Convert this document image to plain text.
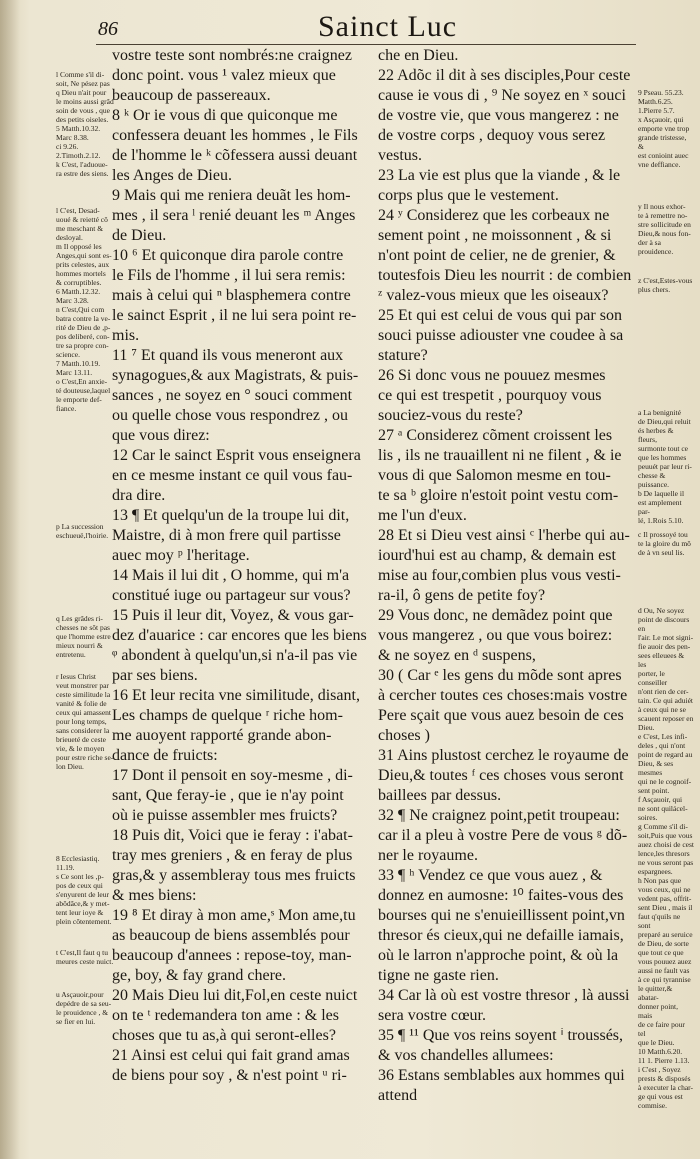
86	Sainct Luc
vostre teste sont nombrés:ne craignez
donc point. vous ¹ valez mieux que
beaucoup de passereaux.
8 ᵏ Or ie vous di que quiconque me
confessera deuant les hommes , le Fils
de l'homme le ᵏ cõfessera aussi deuant
les Anges de Dieu.
9 Mais qui me reniera deuãt les hom-
mes , il sera ˡ renié deuant les ᵐ Anges
de Dieu.
10 ⁶ Et quiconque dira parole contre
le Fils de l'homme , il lui sera remis:
mais à celui qui ⁿ blasphemera contre
le sainct Esprit , il ne lui sera point re-
mis.
11 ⁷ Et quand ils vous meneront aux
synagogues,& aux Magistrats, & puis-
sances , ne soyez en ° souci comment
ou quelle chose vous respondrez , ou
que vous direz:
12 Car le sainct Esprit vous enseignera
en ce mesme instant ce quil vous fau-
dra dire.
13 ¶ Et quelqu'un de la troupe lui dit,
Maistre, di à mon frere quil partisse
auec moy ᵖ l'heritage.
14 Mais il lui dit , O homme, qui m'a
constitué iuge ou partageur sur vous?
15 Puis il leur dit, Voyez, & vous gar-
dez d'auarice : car encores que les biens
ᵠ abondent à quelqu'un,si n'a-il pas vie
par ses biens.
16 Et leur recita vne similitude, disant,
Les champs de quelque ʳ riche hom-
me auoyent rapporté grande abon-
dance de fruicts:
17 Dont il pensoit en soy-mesme , di-
sant, Que feray-ie , que ie n'ay point
où ie puisse assembler mes fruicts?
18 Puis dit, Voici que ie feray : i'abat-
tray mes greniers , & en feray de plus
gras,& y assembleray tous mes fruicts
& mes biens:
19 ⁸ Et diray à mon ame,ˢ Mon ame,tu
as beaucoup de biens assemblés pour
beaucoup d'annees : repose-toy, man-
ge, boy, & fay grand chere.
20 Mais Dieu lui dit,Fol,en ceste nuict
on te ᵗ redemandera ton ame : & les
choses que tu as,à qui seront-elles?
21 Ainsi est celui qui fait grand amas
de biens pour soy , & n'est point ᵘ ri-
che en Dieu.
22 Adõc il dit à ses disciples,Pour ceste
cause ie vous di , ⁹ Ne soyez en ˣ souci
de vostre vie, que vous mangerez : ne
de vostre corps , dequoy vous serez
vestus.
23 La vie est plus que la viande , & le
corps plus que le vestement.
24 ʸ Considerez que les corbeaux ne
sement point , ne moissonnent , & si
n'ont point de celier, ne de grenier, &
toutesfois Dieu les nourrit : de combien
ᶻ valez-vous mieux que les oiseaux?
25 Et qui est celui de vous qui par son
souci puisse adiouster vne coudee à sa
stature?
26 Si donc vous ne pouuez mesmes
ce qui est trespetit , pourquoy vous
souciez-vous du reste?
27 ᵃ Considerez cõment croissent les
lis , ils ne trauaillent ni ne filent , & ie
vous di que Salomon mesme en tou-
te sa ᵇ gloire n'estoit point vestu com-
me l'un d'eux.
28 Et si Dieu vest ainsi ᶜ l'herbe qui au-
iourd'hui est au champ, & demain est
mise au four,combien plus vous vesti-
ra-il, ô gens de petite foy?
29 Vous donc, ne demãdez point que
vous mangerez , ou que vous boirez:
& ne soyez en ᵈ suspens,
30 ( Car ᵉ les gens du mõde sont apres
à cercher toutes ces choses:mais vostre
Pere sçait que vous auez besoin de ces
choses )
31 Ains plustost cerchez le royaume de
Dieu,& toutes ᶠ ces choses vous seront
baillees par dessus.
32 ¶ Ne craignez point,petit troupeau:
car il a pleu à vostre Pere de vous ᵍ dõ-
ner le royaume.
33 ¶ ʰ Vendez ce que vous auez , &
donnez en aumosne: ¹⁰ faites-vous des
bourses qui ne s'enuieillissent point,vn
thresor és cieux,qui ne defaille iamais,
où le larron n'approche point, & où la
tigne ne gaste rien.
34 Car là où est vostre thresor , là aussi
sera vostre cœur.
35 ¶ ¹¹ Que vos reins soyent ⁱ troussés,
& vos chandelles allumees:
36 Estans semblables aux hommes qui
attend
l Comme s'il di-
soit, Ne pésez pas
q Dieu n'ait pour
le moins aussi grãd
soin de vous , que
des petits oiseles.
5 Matth.10.32.
Marc 8.38.
ci 9.26.
2.Timoth.2.12.
k C'est, l'aduoue-
ra estre des siens.
l C'est, Desad-
uoué & reietté cõ
me meschant &
desloyal.
m Il opposé les
Anges,qui sont es-
prits celestes, aux
hommes mortels
& corruptibles.
6 Matth.12.32.
Marc 3.28.
n C'est,Qui com
batra contre la ve-
rité de Dieu de ,p-
pos deliberé, con-
tre sa propre con-
science.
7 Matth.10.19.
Marc 13.11.
o C'est,En anxie-
té douteuse,laquel
le emporte def-
fiance.
p La succession
eschueuë,l'hoirie.
q Les grãdes ri-
chesses ne sõt pas
que l'homme estre
mieux nourri &
entretenu.
r Iesus Christ
veut monstrer par
ceste similitude la
vanité & folie de
ceux qui amassent
pour long temps,
sans considerer la
brieueté de ceste
vie, & le moyen
pour estre riche se-
lon Dieu.
8 Ecclesiastiq.
11.19.
s Ce sont les ,p-
pos de ceux qui
s'enyurent de leur
abõdãce,& y met-
tent leur ioye &
plein cõtentement.
t C'est,Il faut q tu
meures ceste nuict.
u Asçauoir,pour
depédre de sa seu-
le prouidence , &
se fier en lui.
9 Pseau. 55.23.
Matth.6.25.
1.Pierre 5.7.
x Asçauoir, qui
emporte vne trop
grande tristesse, &
est conioint auec
vne deffiance.
y Il nous exhor-
te à remettre no-
stre sollicitude en
Dieu,& nous fon-
der à sa prouidence.
z C'est,Estes-vous
plus chers.
a La benignité
de Dieu,qui reluit
és herbes & fleurs,
surmonte tout ce
que les hommes
peuuét par leur ri-
chesse & puissance.
b De laquelle il
est amplement par-
lé, 1.Rois 5.10.
c Il prossoyé tou
te la gloire du mõ
de à vn seul lis.
d Ou, Ne soyez
point de discours en
l'air. Le mot signi-
fie auoir des pen-
sees elleuees & les
porter, le conseiller
n'ont rien de cer-
tain. Ce qui aduiét
à ceux qui ne se
scauent reposer en
Dieu.
e C'est, Les infi-
deles , qui n'ont
point de regard au
Dieu, & ses mesmes
qui ne le cognoif-
sent point.
f Asçauoir, qui
ne sont quilácel-
soires.
g Comme s'il di-
soit,Puis que vous
auez choisi de cest
lence,les thresors
ne vous seront pas
espargnees.
h Non pas que
vous ceux, qui ne
vedent pas, offrit-
sent Dieu , mais il
faut q'quils ne sont
preparé au seruice
de Dieu, de sorte
que tout ce que
vous pouuez auez
aussi ne fault vas
à ce qui tyrannise
le quitter,& abatar-
donner point, mais
de ce faire pour tel
que le Dieu.
10 Matth.6.20.
11 1. Pierre 1.13.
i C'est , Soyez
prests & disposés
à executer la char-
ge qui vous est
commise.
